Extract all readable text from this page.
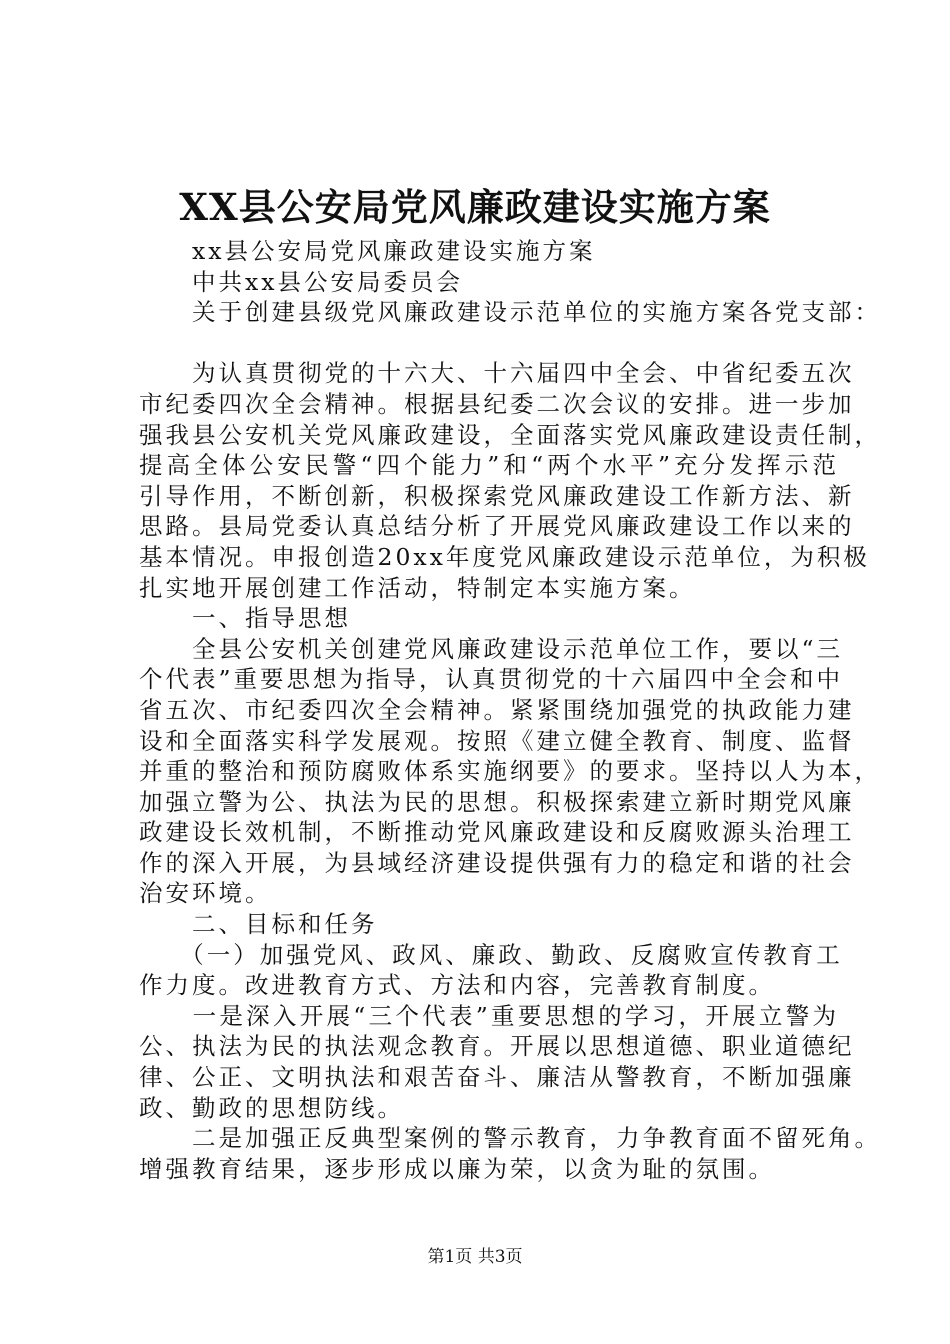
XX县公安局党风廉政建设实施方案
　　xx县公安局党风廉政建设实施方案
　　中共xx县公安局委员会
　　关于创建县级党风廉政建设示范单位的实施方案各党支部：
　　为认真贯彻党的十六大、十六届四中全会、中省纪委五次
市纪委四次全会精神。根据县纪委二次会议的安排。进一步加
强我县公安机关党风廉政建设，全面落实党风廉政建设责任制，
提高全体公安民警“四个能力”和“两个水平”充分发挥示范
引导作用，不断创新，积极探索党风廉政建设工作新方法、新
思路。县局党委认真总结分析了开展党风廉政建设工作以来的
基本情况。申报创造20xx年度党风廉政建设示范单位，为积极
扎实地开展创建工作活动，特制定本实施方案。
　　一、指导思想
　　全县公安机关创建党风廉政建设示范单位工作，要以“三
个代表”重要思想为指导，认真贯彻党的十六届四中全会和中
省五次、市纪委四次全会精神。紧紧围绕加强党的执政能力建
设和全面落实科学发展观。按照《建立健全教育、制度、监督
并重的整治和预防腐败体系实施纲要》的要求。坚持以人为本，
加强立警为公、执法为民的思想。积极探索建立新时期党风廉
政建设长效机制，不断推动党风廉政建设和反腐败源头治理工
作的深入开展，为县域经济建设提供强有力的稳定和谐的社会
治安环境。
　　二、目标和任务
　　（一）加强党风、政风、廉政、勤政、反腐败宣传教育工
作力度。改进教育方式、方法和内容，完善教育制度。
　　一是深入开展“三个代表”重要思想的学习，开展立警为
公、执法为民的执法观念教育。开展以思想道德、职业道德纪
律、公正、文明执法和艰苦奋斗、廉洁从警教育，不断加强廉
政、勤政的思想防线。
　　二是加强正反典型案例的警示教育，力争教育面不留死角。
增强教育结果，逐步形成以廉为荣，以贪为耻的氛围。
第1页 共3页
